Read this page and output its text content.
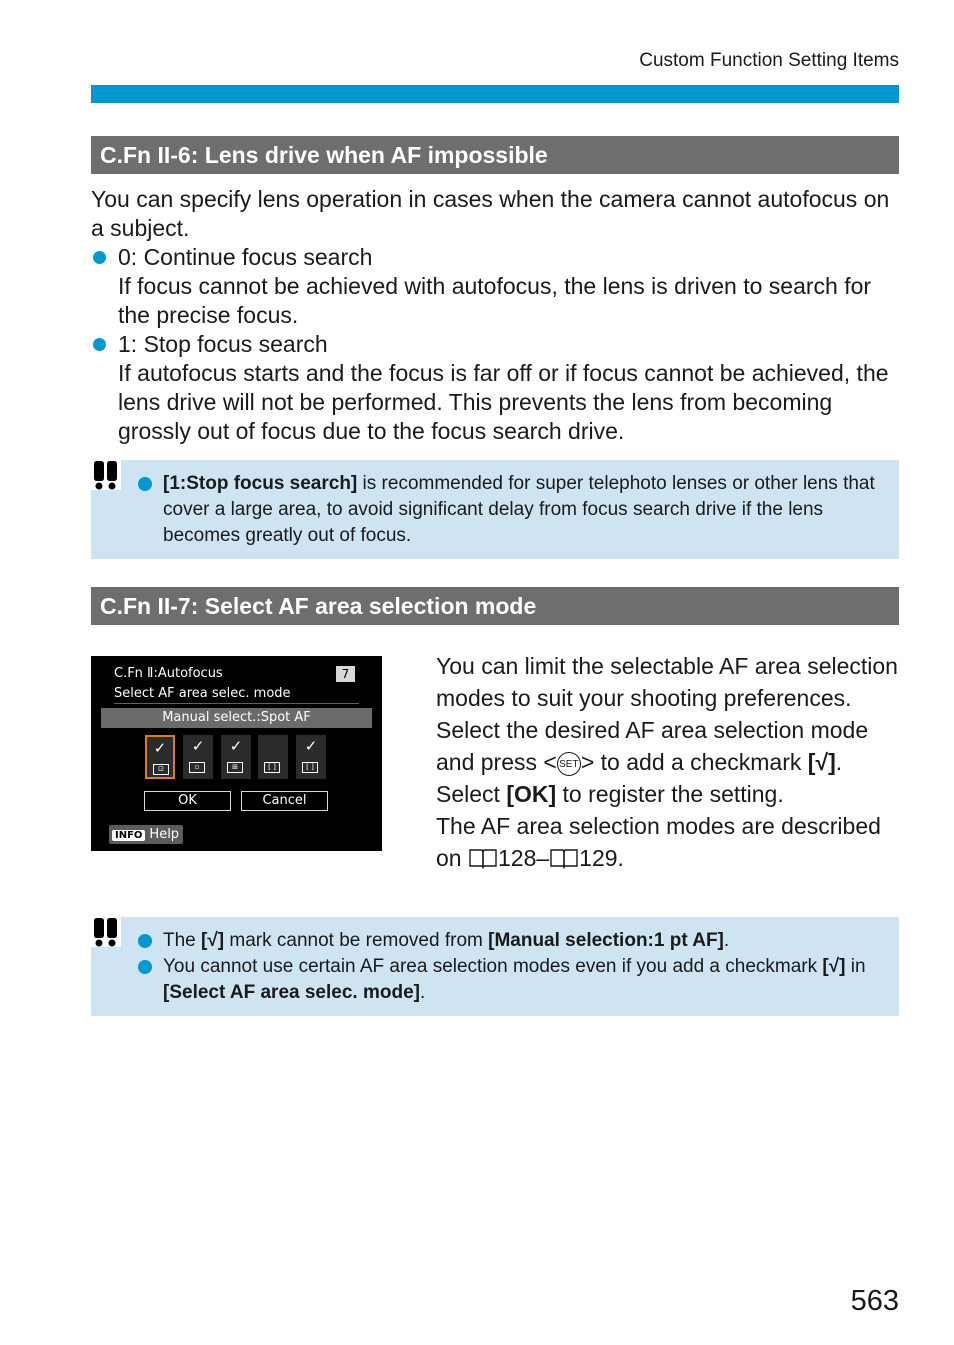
Custom Function Setting Items
C.Fn II-6: Lens drive when AF impossible
You can specify lens operation in cases when the camera cannot autofocus on a subject.
0: Continue focus search
If focus cannot be achieved with autofocus, the lens is driven to search for the precise focus.
1: Stop focus search
If autofocus starts and the focus is far off or if focus cannot be achieved, the lens drive will not be performed. This prevents the lens from becoming grossly out of focus due to the focus search drive.
[1:Stop focus search] is recommended for super telephoto lenses or other lens that cover a large area, to avoid significant delay from focus search drive if the lens becomes greatly out of focus.
C.Fn II-7: Select AF area selection mode
C.Fn Ⅱ:Autofocus	7
Select AF area selec. mode
Manual select.:Spot AF
✓
⊡
✓
▫
✓
⊞	[ ]
✓
[ ]
OK	Cancel
INFO Help
You can limit the selectable AF area selection modes to suit your shooting preferences. Select the desired AF area selection mode and press < SET> to add a checkmark [√]. Select [OK] to register the setting.
The AF area selection modes are described on 128– 129.
The [√] mark cannot be removed from [Manual selection:1 pt AF].
You cannot use certain AF area selection modes even if you add a checkmark [√] in [Select AF area selec. mode].
563
